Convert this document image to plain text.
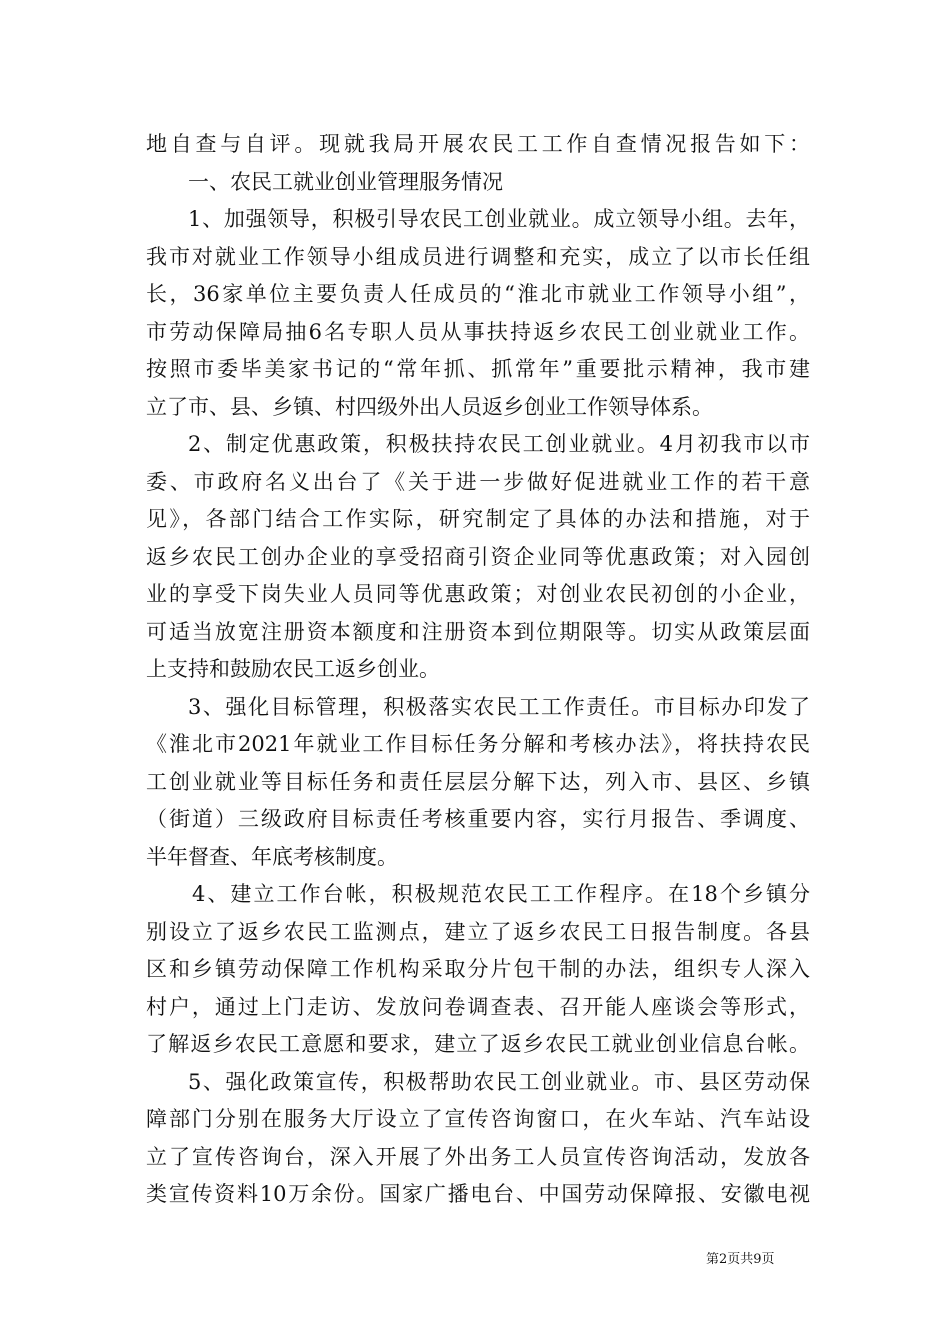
地自查与自评。现就我局开展农民工工作自查情况报告如下：
一、农民工就业创业管理服务情况
1、加强领导，积极引导农民工创业就业。成立领导小组。去年，
我市对就业工作领导小组成员进行调整和充实，成立了以市长任组
长，36家单位主要负责人任成员的“淮北市就业工作领导小组”，
市劳动保障局抽6名专职人员从事扶持返乡农民工创业就业工作。
按照市委毕美家书记的“常年抓、抓常年”重要批示精神，我市建
立了市、县、乡镇、村四级外出人员返乡创业工作领导体系。
2、制定优惠政策，积极扶持农民工创业就业。4月初我市以市
委、市政府名义出台了《关于进一步做好促进就业工作的若干意
见》，各部门结合工作实际，研究制定了具体的办法和措施，对于
返乡农民工创办企业的享受招商引资企业同等优惠政策；对入园创
业的享受下岗失业人员同等优惠政策；对创业农民初创的小企业，
可适当放宽注册资本额度和注册资本到位期限等。切实从政策层面
上支持和鼓励农民工返乡创业。
3、强化目标管理，积极落实农民工工作责任。市目标办印发了
《淮北市2021年就业工作目标任务分解和考核办法》，将扶持农民
工创业就业等目标任务和责任层层分解下达，列入市、县区、乡镇
（街道）三级政府目标责任考核重要内容，实行月报告、季调度、
半年督查、年底考核制度。
4、建立工作台帐，积极规范农民工工作程序。在18个乡镇分
别设立了返乡农民工监测点，建立了返乡农民工日报告制度。各县
区和乡镇劳动保障工作机构采取分片包干制的办法，组织专人深入
村户，通过上门走访、发放问卷调查表、召开能人座谈会等形式，
了解返乡农民工意愿和要求，建立了返乡农民工就业创业信息台帐。
5、强化政策宣传，积极帮助农民工创业就业。市、县区劳动保
障部门分别在服务大厅设立了宣传咨询窗口，在火车站、汽车站设
立了宣传咨询台，深入开展了外出务工人员宣传咨询活动，发放各
类宣传资料10万余份。国家广播电台、中国劳动保障报、安徽电视
第2页共9页
